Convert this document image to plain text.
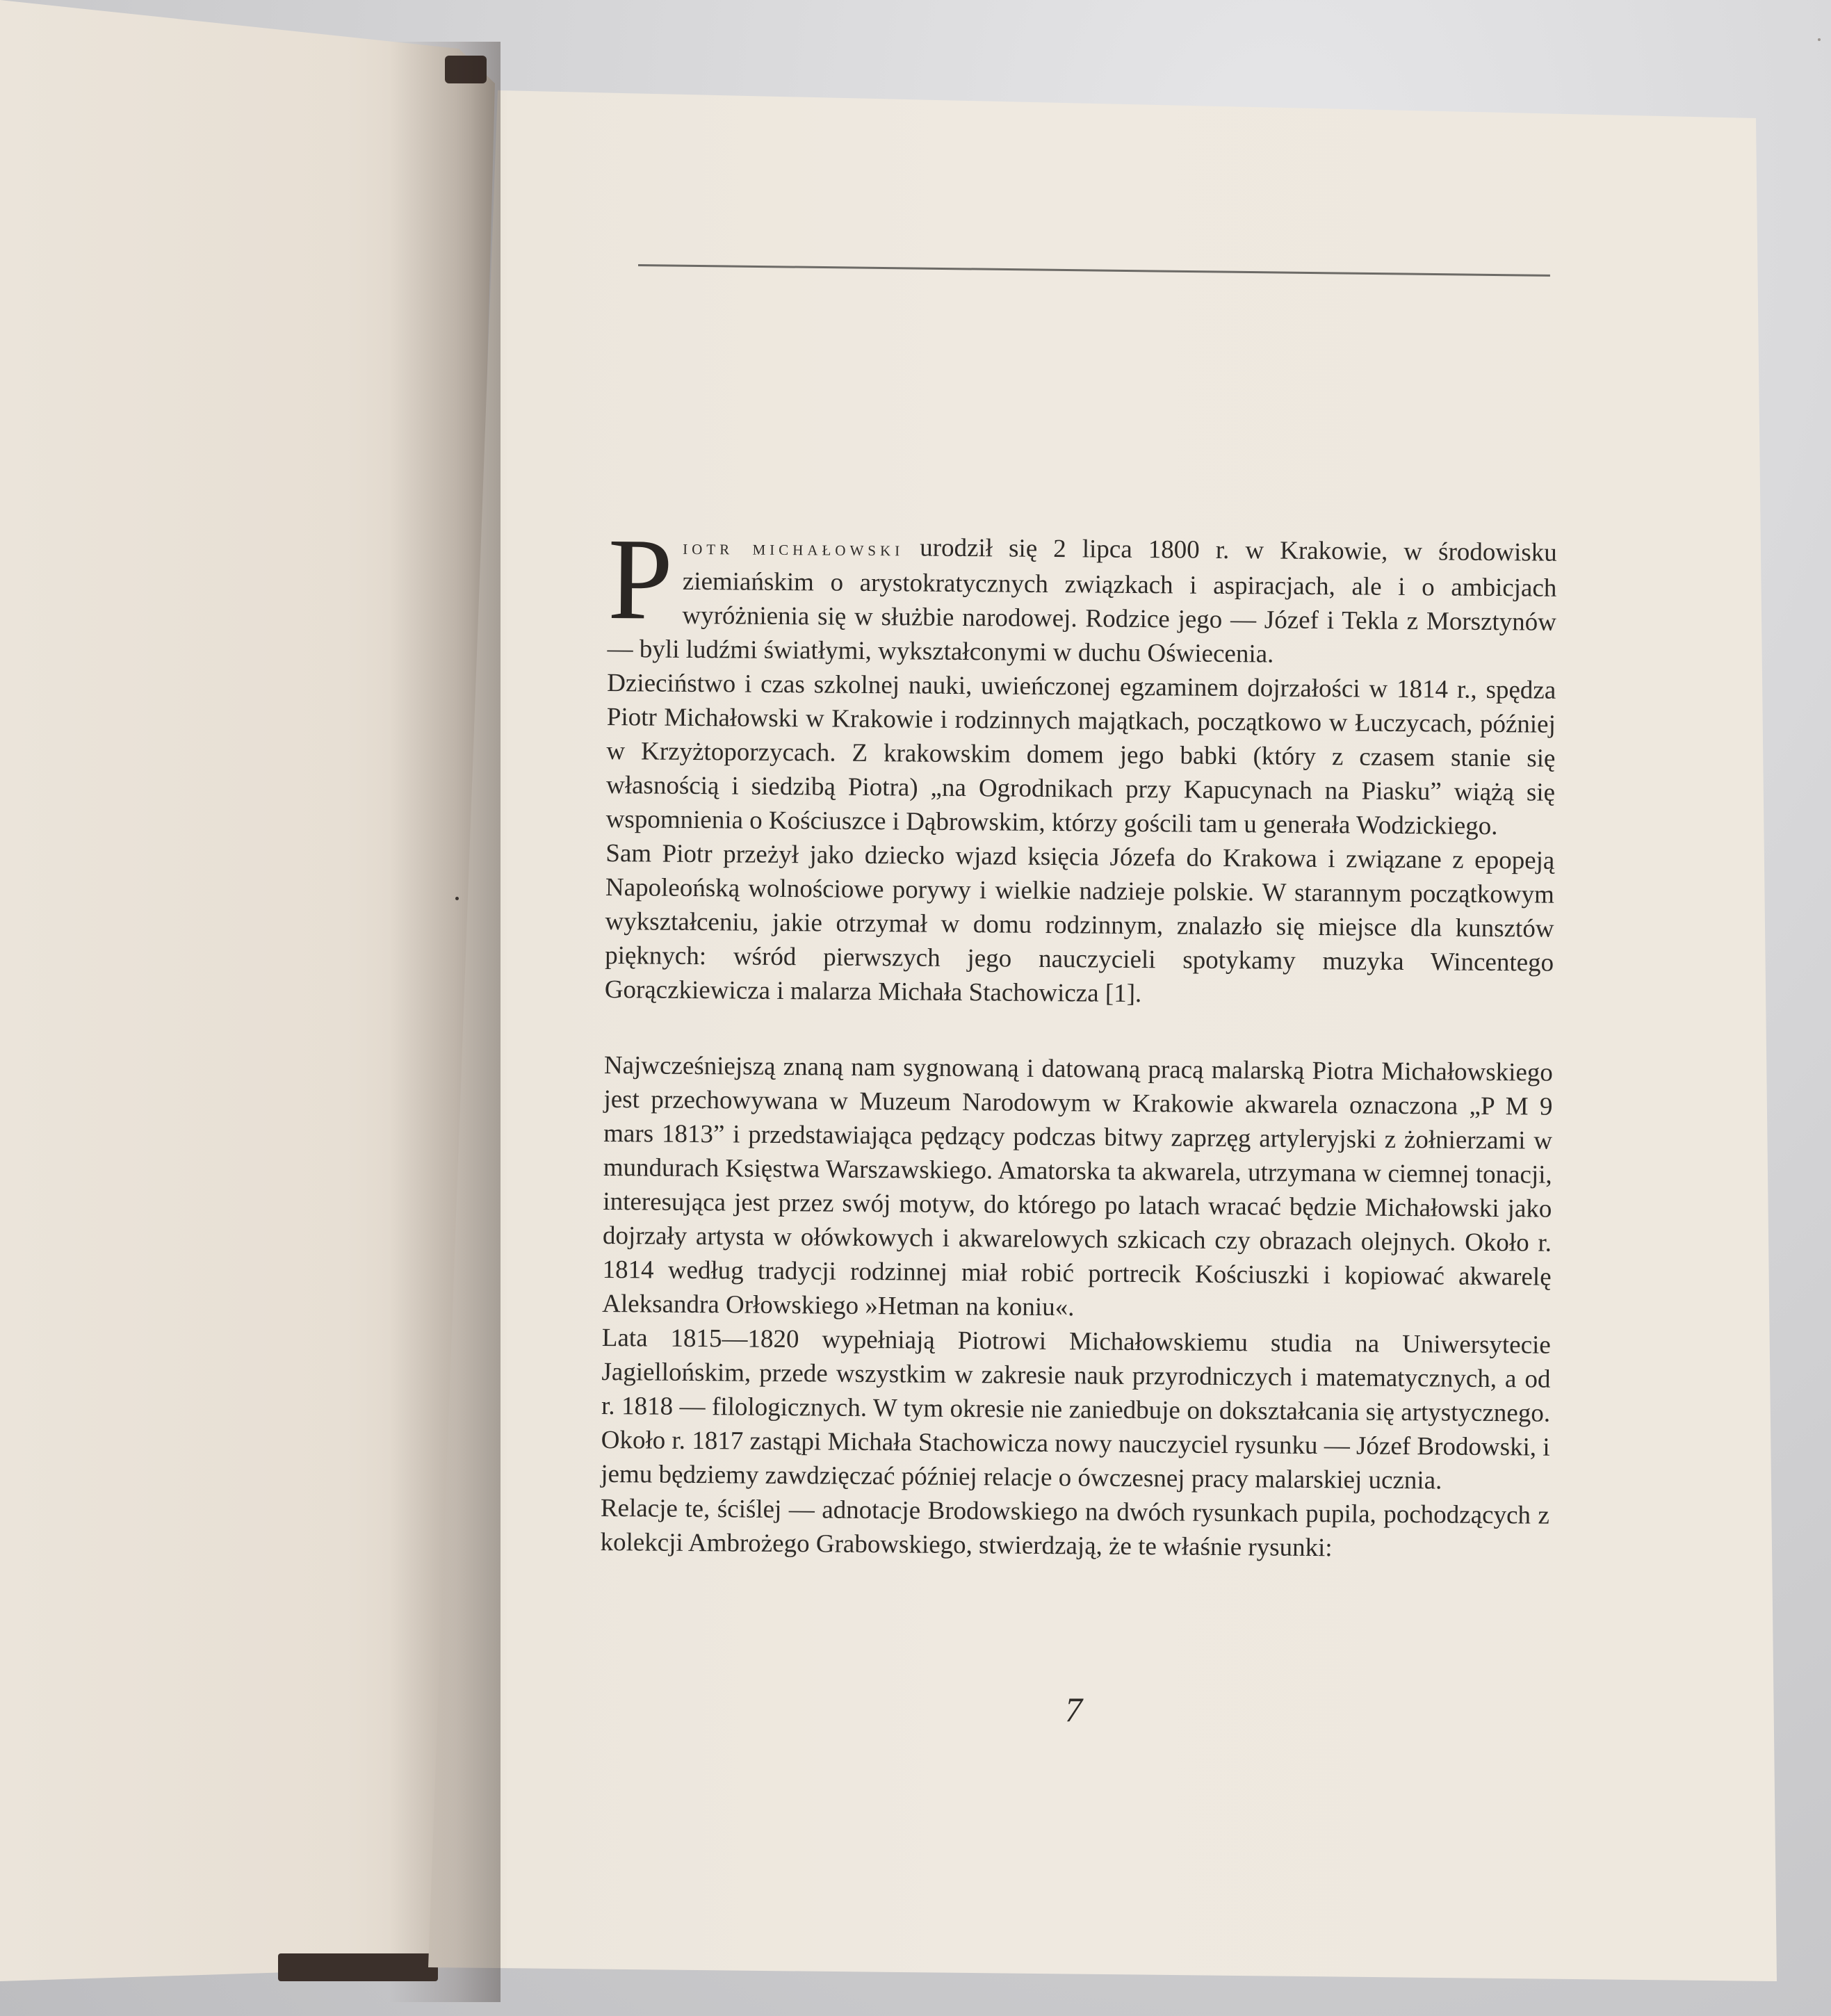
Piotr michałowski urodził się 2 lipca 1800 r. w Krakowie, w środowisku ziemiańskim o arystokratycznych związkach i aspiracjach, ale i o ambicjach wyróżnienia się w służbie narodowej. Rodzice jego — Józef i Tekla z Morsztynów — byli ludźmi światłymi, wykształconymi w duchu Oświecenia.

Dzieciństwo i czas szkolnej nauki, uwieńczonej egzaminem dojrzałości w 1814 r., spędza Piotr Michałowski w Krakowie i rodzinnych majątkach, początkowo w Łuczycach, później w Krzyżtoporzycach. Z krakowskim domem jego babki (który z czasem stanie się własnością i siedzibą Piotra) „na Ogrodnikach przy Kapucynach na Piasku” wiążą się wspomnienia o Kościuszce i Dąbrowskim, którzy gościli tam u generała Wodzickiego.

Sam Piotr przeżył jako dziecko wjazd księcia Józefa do Krakowa i związane z epopeją Napoleońską wolnościowe porywy i wielkie nadzieje polskie. W starannym początkowym wykształceniu, jakie otrzymał w domu rodzinnym, znalazło się miejsce dla kunsztów pięknych: wśród pierwszych jego nauczycieli spotykamy muzyka Wincentego Gorączkiewicza i malarza Michała Stachowicza [1].

Najwcześniejszą znaną nam sygnowaną i datowaną pracą malarską Piotra Michałowskiego jest przechowywana w Muzeum Narodowym w Krakowie akwarela oznaczona „P M 9 mars 1813” i przedstawiająca pędzący podczas bitwy zaprzęg artyleryjski z żołnierzami w mundurach Księstwa Warszawskiego. Amatorska ta akwarela, utrzymana w ciemnej tonacji, interesująca jest przez swój motyw, do którego po latach wracać będzie Michałowski jako dojrzały artysta w ołówkowych i akwarelowych szkicach czy obrazach olejnych. Około r. 1814 według tradycji rodzinnej miał robić portrecik Kościuszki i kopiować akwarelę Aleksandra Orłowskiego »Hetman na koniu«.

Lata 1815—1820 wypełniają Piotrowi Michałowskiemu studia na Uniwersytecie Jagiellońskim, przede wszystkim w zakresie nauk przyrodniczych i matematycznych, a od r. 1818 — filologicznych. W tym okresie nie zaniedbuje on dokształcania się artystycznego. Około r. 1817 zastąpi Michała Stachowicza nowy nauczyciel rysunku — Józef Brodowski, i jemu będziemy zawdzięczać później relacje o ówczesnej pracy malarskiej ucznia.

Relacje te, ściślej — adnotacje Brodowskiego na dwóch rysunkach pupila, pochodzących z kolekcji Ambrożego Grabowskiego, stwierdzają, że te właśnie rysunki:

7
